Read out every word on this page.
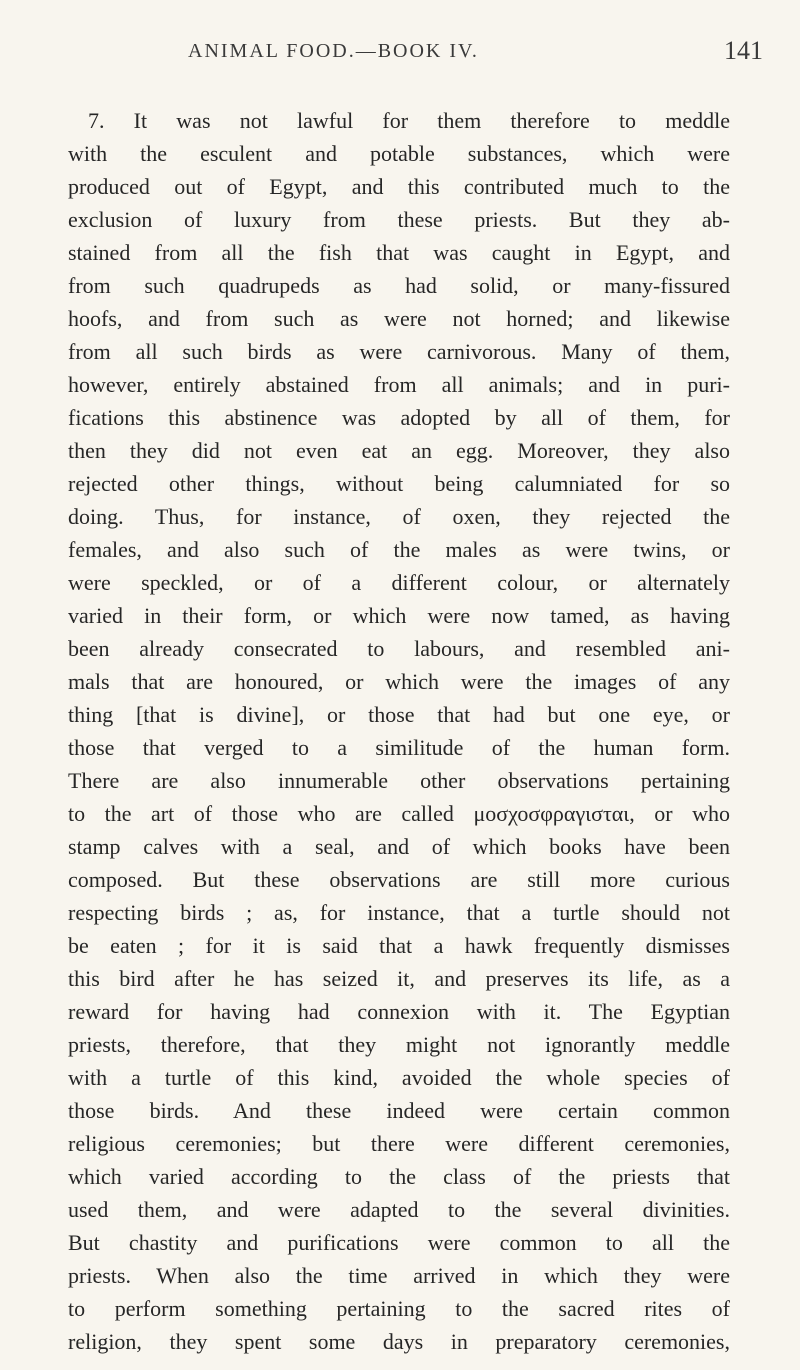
ANIMAL FOOD.—BOOK IV.	141
7. It was not lawful for them therefore to meddle
with the esculent and potable substances, which were
produced out of Egypt, and this contributed much to the
exclusion of luxury from these priests. But they ab-
stained from all the fish that was caught in Egypt, and
from such quadrupeds as had solid, or many-fissured
hoofs, and from such as were not horned; and likewise
from all such birds as were carnivorous. Many of them,
however, entirely abstained from all animals; and in puri-
fications this abstinence was adopted by all of them, for
then they did not even eat an egg. Moreover, they also
rejected other things, without being calumniated for so
doing. Thus, for instance, of oxen, they rejected the
females, and also such of the males as were twins, or
were speckled, or of a different colour, or alternately
varied in their form, or which were now tamed, as having
been already consecrated to labours, and resembled ani-
mals that are honoured, or which were the images of any
thing [that is divine], or those that had but one eye, or
those that verged to a similitude of the human form.
There are also innumerable other observations pertaining
to the art of those who are called μοσχοσφραγισται, or who
stamp calves with a seal, and of which books have been
composed. But these observations are still more curious
respecting birds ; as, for instance, that a turtle should not
be eaten ; for it is said that a hawk frequently dismisses
this bird after he has seized it, and preserves its life, as a
reward for having had connexion with it. The Egyptian
priests, therefore, that they might not ignorantly meddle
with a turtle of this kind, avoided the whole species of
those birds. And these indeed were certain common
religious ceremonies; but there were different ceremonies,
which varied according to the class of the priests that
used them, and were adapted to the several divinities.
But chastity and purifications were common to all the
priests. When also the time arrived in which they were
to perform something pertaining to the sacred rites of
religion, they spent some days in preparatory ceremonies,
